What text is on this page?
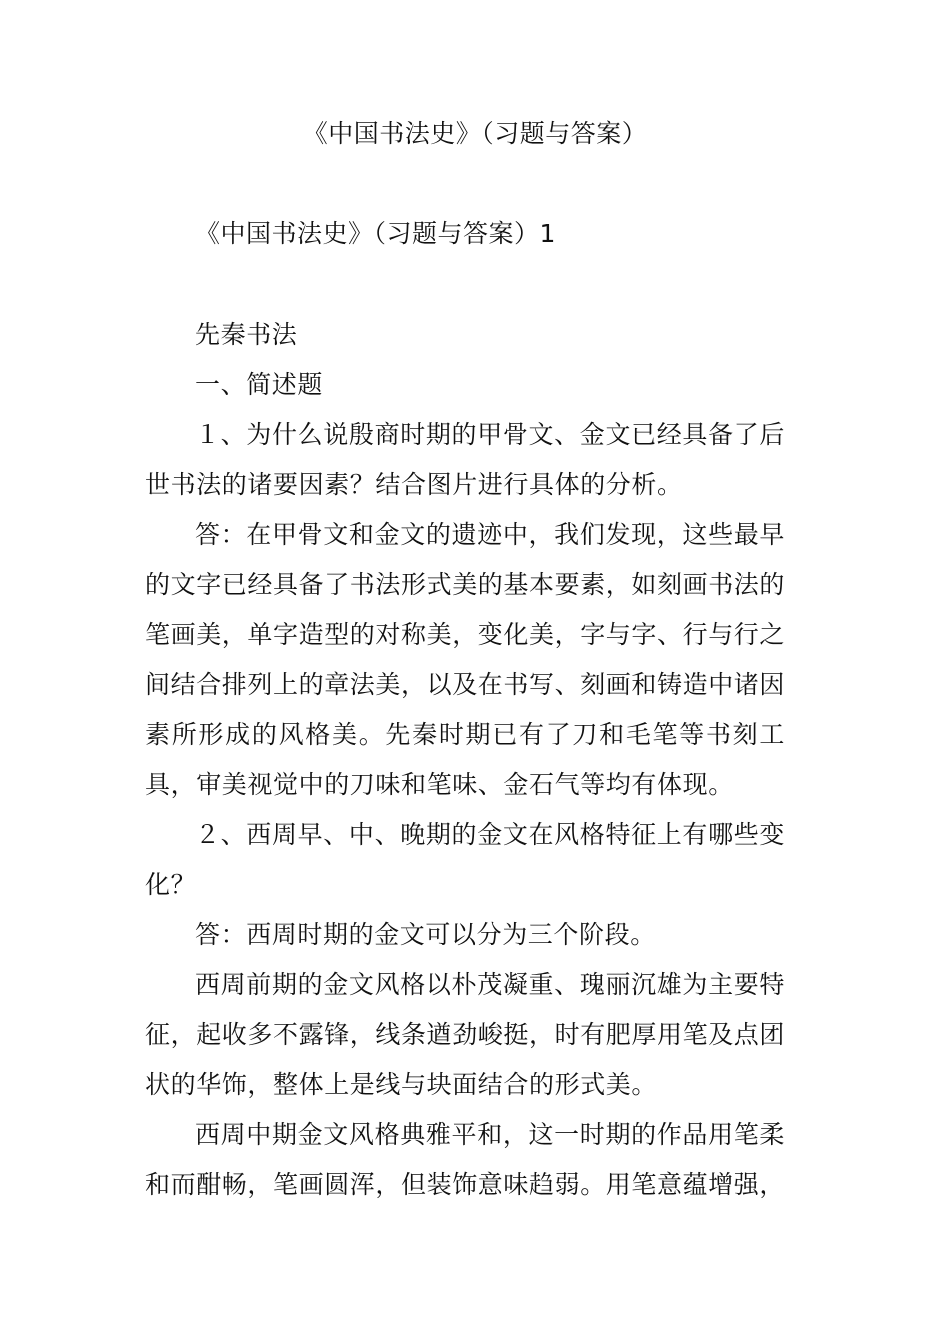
《中国书法史》（习题与答案）
《中国书法史》（习题与答案）1

先秦书法

一、简述题

１、为什么说殷商时期的甲骨文、金文已经具备了后世书法的诸要因素？结合图片进行具体的分析。

答：在甲骨文和金文的遗迹中，我们发现，这些最早的文字已经具备了书法形式美的基本要素，如刻画书法的笔画美，单字造型的对称美，变化美，字与字、行与行之间结合排列上的章法美，以及在书写、刻画和铸造中诸因素所形成的风格美。先秦时期已有了刀和毛笔等书刻工具，审美视觉中的刀味和笔味、金石气等均有体现。

２、西周早、中、晚期的金文在风格特征上有哪些变化？

答：西周时期的金文可以分为三个阶段。

西周前期的金文风格以朴茂凝重、瑰丽沉雄为主要特征，起收多不露锋，线条遒劲峻挺，时有肥厚用笔及点团状的华饰，整体上是线与块面结合的形式美。

西周中期金文风格典雅平和，这一时期的作品用笔柔和而酣畅，笔画圆浑，但装饰意味趋弱。用笔意蕴增强，
